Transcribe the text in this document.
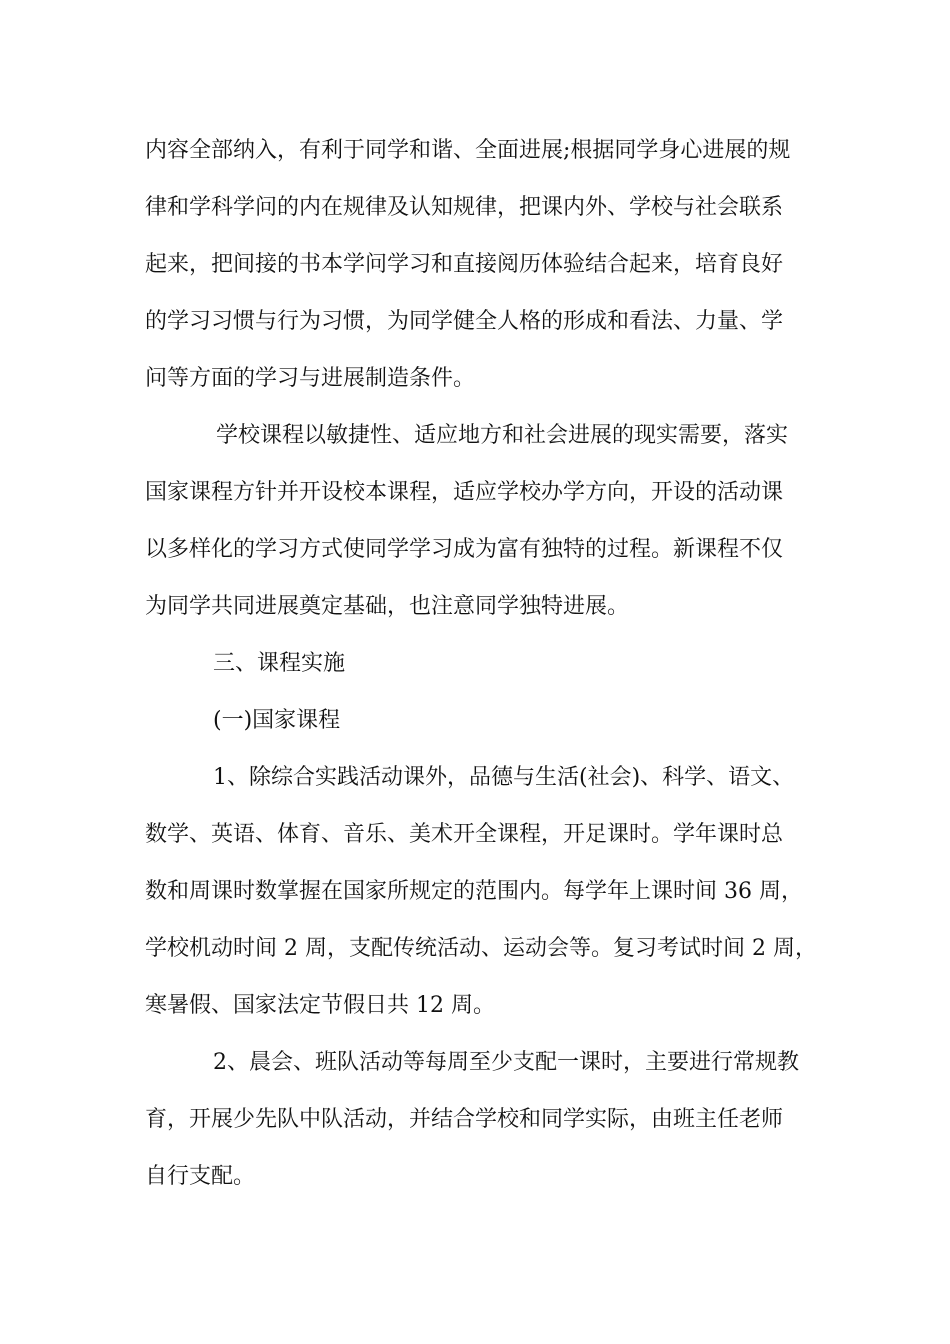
内容全部纳入，有利于同学和谐、全面进展;根据同学身心进展的规
律和学科学问的内在规律及认知规律，把课内外、学校与社会联系
起来，把间接的书本学问学习和直接阅历体验结合起来，培育良好
的学习习惯与行为习惯，为同学健全人格的形成和看法、力量、学
问等方面的学习与进展制造条件。
学校课程以敏捷性、适应地方和社会进展的现实需要，落实
国家课程方针并开设校本课程，适应学校办学方向，开设的活动课
以多样化的学习方式使同学学习成为富有独特的过程。新课程不仅
为同学共同进展奠定基础，也注意同学独特进展。
三、课程实施
(一)国家课程
1、除综合实践活动课外，品德与生活(社会)、科学、语文、
数学、英语、体育、音乐、美术开全课程，开足课时。学年课时总
数和周课时数掌握在国家所规定的范围内。每学年上课时间 36 周，
学校机动时间 2 周，支配传统活动、运动会等。复习考试时间 2 周，
寒暑假、国家法定节假日共 12 周。
2、晨会、班队活动等每周至少支配一课时，主要进行常规教
育，开展少先队中队活动，并结合学校和同学实际，由班主任老师
自行支配。
